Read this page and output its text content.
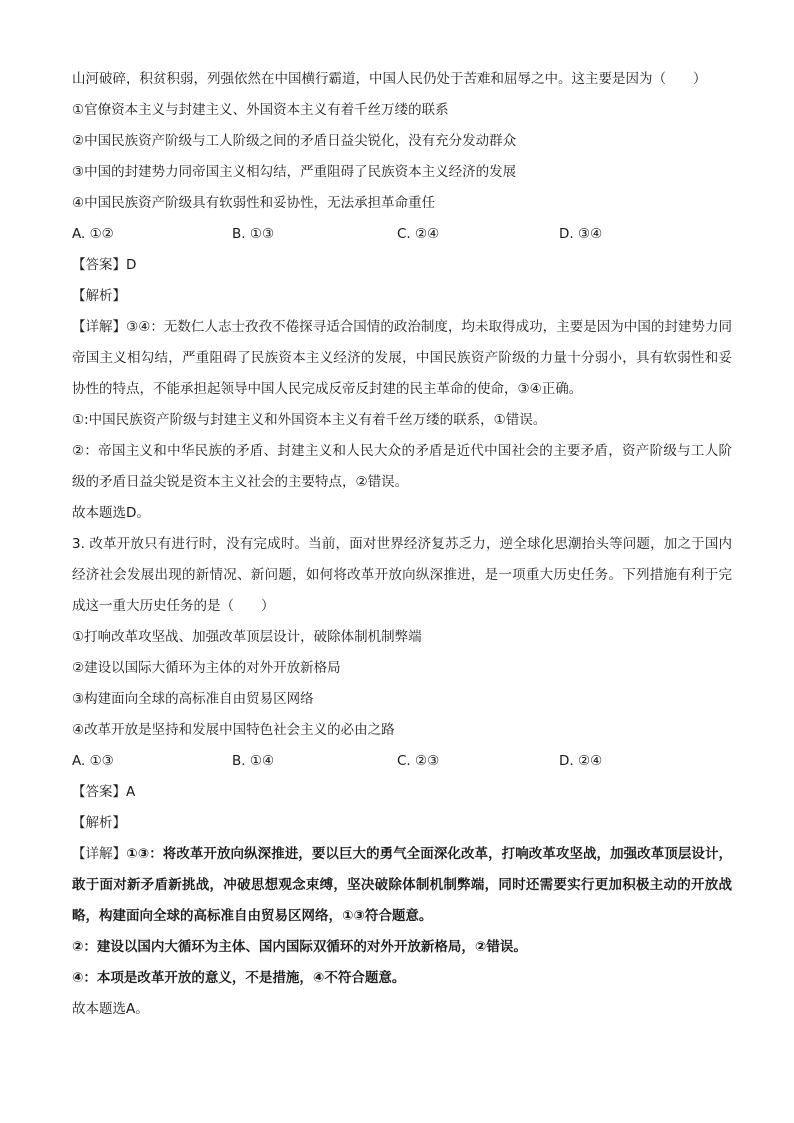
山河破碎，积贫积弱，列强依然在中国横行霸道，中国人民仍处于苦难和屈辱之中。这主要是因为（　　）
①官僚资本主义与封建主义、外国资本主义有着千丝万缕的联系
②中国民族资产阶级与工人阶级之间的矛盾日益尖锐化，没有充分发动群众
③中国的封建势力同帝国主义相勾结，严重阻碍了民族资本主义经济的发展
④中国民族资产阶级具有软弱性和妥协性，无法承担革命重任
A. ①②	B. ①③	C. ②④	D. ③④
【答案】D
【解析】
【详解】③④：无数仁人志士孜孜不倦探寻适合国情的政治制度，均未取得成功，主要是因为中国的封建势力同帝国主义相勾结，严重阻碍了民族资本主义经济的发展，中国民族资产阶级的力量十分弱小，具有软弱性和妥协性的特点，不能承担起领导中国人民完成反帝反封建的民主革命的使命，③④正确。
①:中国民族资产阶级与封建主义和外国资本主义有着千丝万缕的联系，①错误。
②：帝国主义和中华民族的矛盾、封建主义和人民大众的矛盾是近代中国社会的主要矛盾，资产阶级与工人阶级的矛盾日益尖锐是资本主义社会的主要特点，②错误。
故本题选D。
3. 改革开放只有进行时，没有完成时。当前，面对世界经济复苏乏力，逆全球化思潮抬头等问题，加之于国内经济社会发展出现的新情况、新问题，如何将改革开放向纵深推进，是一项重大历史任务。下列措施有利于完成这一重大历史任务的是（　　）
①打响改革攻坚战、加强改革顶层设计，破除体制机制弊端
②建设以国际大循环为主体的对外开放新格局
③构建面向全球的高标准自由贸易区网络
④改革开放是坚持和发展中国特色社会主义的必由之路
A. ①③	B. ①④	C. ②③	D. ②④
【答案】A
【解析】
【详解】①③：将改革开放向纵深推进，要以巨大的勇气全面深化改革，打响改革攻坚战，加强改革顶层设计，敢于面对新矛盾新挑战，冲破思想观念束缚，坚决破除体制机制弊端，同时还需要实行更加积极主动的开放战略，构建面向全球的高标准自由贸易区网络，①③符合题意。
②：建设以国内大循环为主体、国内国际双循环的对外开放新格局，②错误。
④：本项是改革开放的意义，不是措施，④不符合题意。
故本题选A。
